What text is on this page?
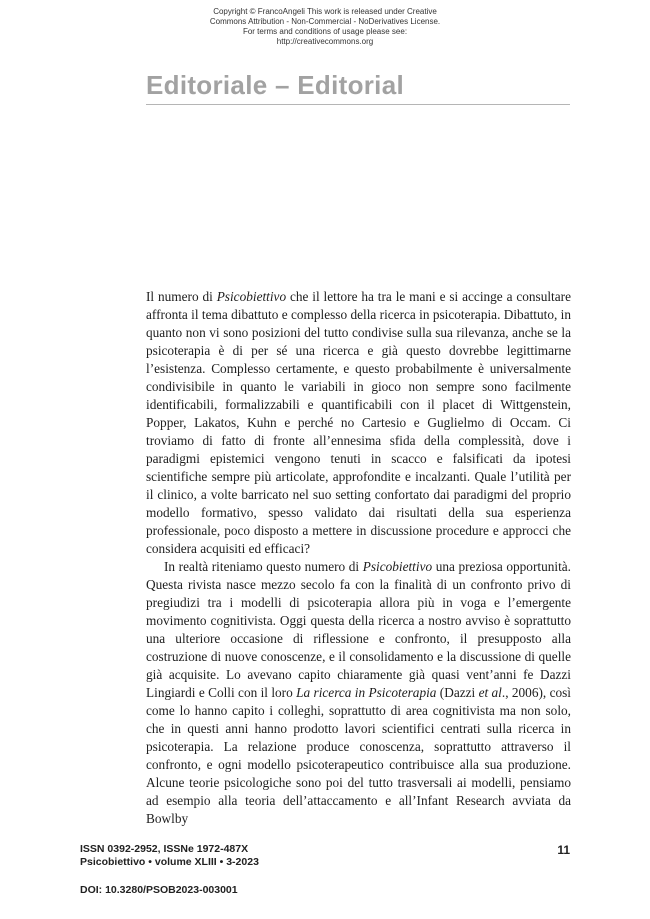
Copyright © FrancoAngeli This work is released under Creative
Commons Attribution - Non-Commercial - NoDerivatives License.
For terms and conditions of usage please see:
http://creativecommons.org
Editoriale – Editorial

Il numero di Psicobiettivo che il lettore ha tra le mani e si accinge a consultare affronta il tema dibattuto e complesso della ricerca in psicoterapia. Dibattuto, in quanto non vi sono posizioni del tutto condivise sulla sua rilevanza, anche se la psicoterapia è di per sé una ricerca e già questo dovrebbe legittimarne l’esistenza. Complesso certamente, e questo probabilmente è universalmente condivisibile in quanto le variabili in gioco non sempre sono facilmente identificabili, formalizzabili e quantificabili con il placet di Wittgenstein, Popper, Lakatos, Kuhn e perché no Cartesio e Guglielmo di Occam. Ci troviamo di fatto di fronte all’ennesima sfida della complessità, dove i paradigmi epistemici vengono tenuti in scacco e falsificati da ipotesi scientifiche sempre più articolate, approfondite e incalzanti. Quale l’utilità per il clinico, a volte barricato nel suo setting confortato dai paradigmi del proprio modello formativo, spesso validato dai risultati della sua esperienza professionale, poco disposto a mettere in discussione procedure e approcci che considera acquisiti ed efficaci?

In realtà riteniamo questo numero di Psicobiettivo una preziosa opportunità. Questa rivista nasce mezzo secolo fa con la finalità di un confronto privo di pregiudizi tra i modelli di psicoterapia allora più in voga e l’emergente movimento cognitivista. Oggi questa della ricerca a nostro avviso è soprattutto una ulteriore occasione di riflessione e confronto, il presupposto alla costruzione di nuove conoscenze, e il consolidamento e la discussione di quelle già acquisite. Lo avevano capito chiaramente già quasi vent’anni fe Dazzi Lingiardi e Colli con il loro La ricerca in Psicoterapia (Dazzi et al., 2006), così come lo hanno capito i colleghi, soprattutto di area cognitivista ma non solo, che in questi anni hanno prodotto lavori scientifici centrati sulla ricerca in psicoterapia. La relazione produce conoscenza, soprattutto attraverso il confronto, e ogni modello psicoterapeutico contribuisce alla sua produzione. Alcune teorie psicologiche sono poi del tutto trasversali ai modelli, pensiamo ad esempio alla teoria dell’attaccamento e all’Infant Research avviata da Bowlby

ISSN 0392-2952, ISSNe 1972-487X
Psicobiettivo • volume XLIII • 3-2023
11
DOI: 10.3280/PSOB2023-003001
